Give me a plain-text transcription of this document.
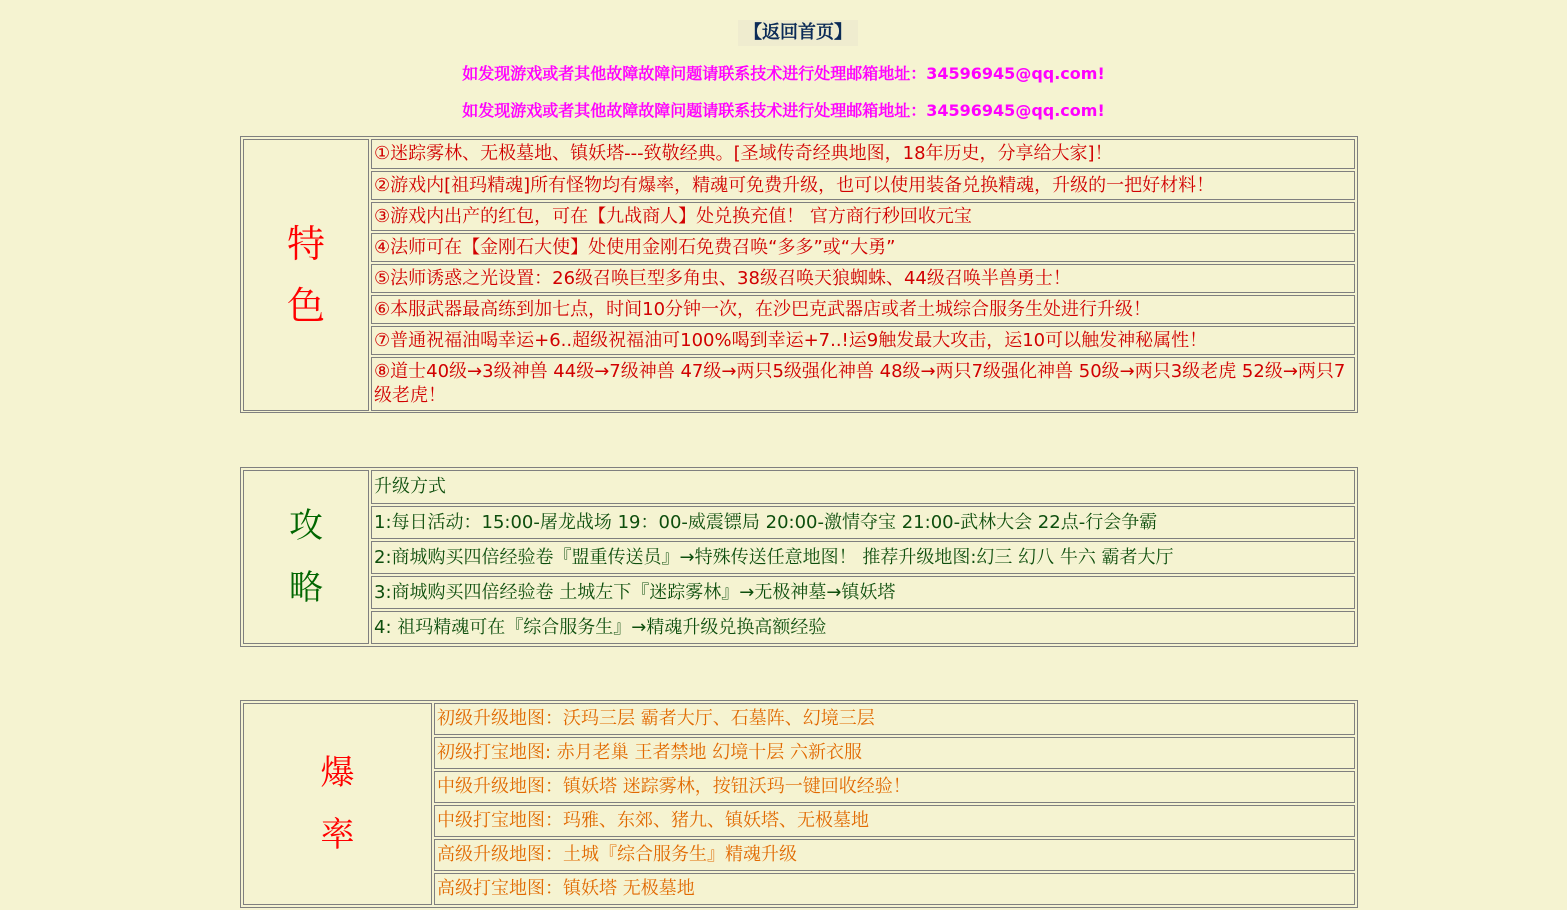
【返回首页】
如发现游戏或者其他故障故障问题请联系技术进行处理邮箱地址：34596945@qq.com!
如发现游戏或者其他故障故障问题请联系技术进行处理邮箱地址：34596945@qq.com!
特
色
	①迷踪雾林、无极墓地、镇妖塔---致敬经典。[圣域传奇经典地图，18年历史，分享给大家]！
②游戏内[祖玛精魂]所有怪物均有爆率，精魂可免费升级，也可以使用装备兑换精魂，升级的一把好材料！
③游戏内出产的红包，可在【九战商人】处兑换充值！ 官方商行秒回收元宝
④法师可在【金刚石大使】处使用金刚石免费召唤“多多”或“大勇”
⑤法师诱惑之光设置：26级召唤巨型多角虫、38级召唤天狼蜘蛛、44级召唤半兽勇士！
⑥本服武器最高练到加七点，时间10分钟一次，在沙巴克武器店或者土城综合服务生处进行升级！
⑦普通祝福油喝幸运+6..超级祝福油可100%喝到幸运+7..!运9触发最大攻击，运10可以触发神秘属性！
⑧道士40级→3级神兽 44级→7级神兽 47级→两只5级强化神兽 48级→两只7级强化神兽 50级→两只3级老虎 52级→两只7级老虎！
攻
略
	升级方式
1:每日活动：15:00-屠龙战场 19：00-威震镖局 20:00-激情夺宝 21:00-武林大会 22点-行会争霸
2:商城购买四倍经验卷『盟重传送员』→特殊传送任意地图！ 推荐升级地图:幻三 幻八 牛六 霸者大厅
3:商城购买四倍经验卷 土城左下『迷踪雾林』→无极神墓→镇妖塔
4: 祖玛精魂可在『综合服务生』→精魂升级兑换高额经验
爆
率
	初级升级地图：沃玛三层 霸者大厅、石墓阵、幻境三层
初级打宝地图: 赤月老巢 王者禁地 幻境十层 六新衣服
中级升级地图：镇妖塔 迷踪雾林，按钮沃玛一键回收经验！
中级打宝地图：玛雅、东郊、猪九、镇妖塔、无极墓地
高级升级地图：土城『综合服务生』精魂升级
高级打宝地图：镇妖塔 无极墓地
